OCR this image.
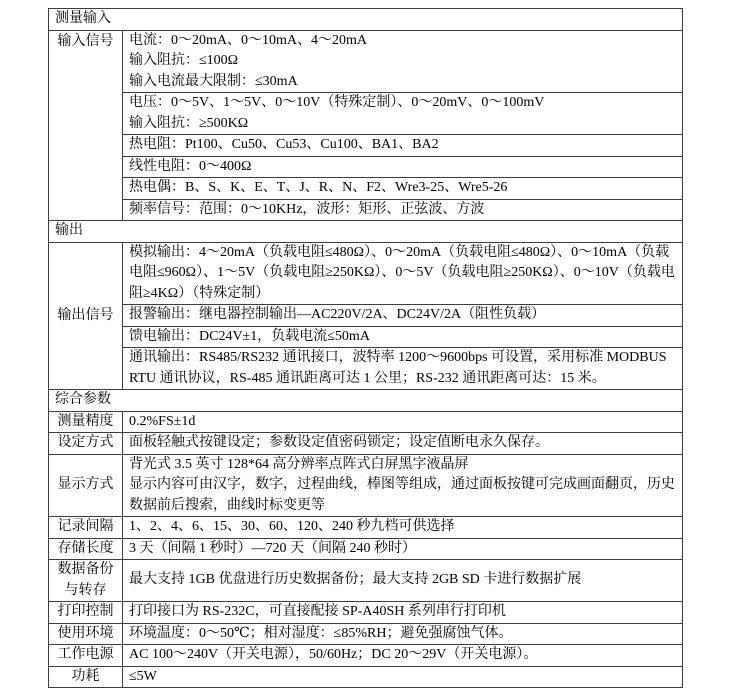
测量输入	
输入信号	电流：0～20mA、0～10mA、4～20mA
输入阻抗：≤100Ω
输入电流最大限制：≤30mA

	电压：0～5V、1～5V、0～10V（特殊定制）、0～20mV、0～100mV
输入阻抗：≥500KΩ

	热电阻：Pt100、Cu50、Cu53、Cu100、BA1、BA2
	线性电阻：0～400Ω
	热电偶：B、S、K、E、T、J、R、N、F2、Wre3-25、Wre5-26
	频率信号：范围：0～10KHz，波形：矩形、正弦波、方波
输出	
输出信号	模拟输出：4～20mA（负载电阻≤480Ω）、0～20mA（负载电阻≤480Ω）、0～10mA（负载电阻≤960Ω）、1～5V（负载电阻≥250KΩ）、0～5V（负载电阻≥250KΩ）、0～10V（负载电阻≥4KΩ）（特殊定制）
	报警输出：继电器控制输出—AC220V/2A、DC24V/2A（阻性负载）
	馈电输出：DC24V±1，负载电流≤50mA
	通讯输出：RS485/RS232 通讯接口，波特率 1200～9600bps 可设置，采用标准 MODBUS RTU 通讯协议，RS-485 通讯距离可达 1 公里；RS-232 通讯距离可达：15 米。
综合参数	
测量精度	0.2%FS±1d
设定方式	面板轻触式按键设定；参数设定值密码锁定；设定值断电永久保存。
显示方式	背光式 3.5 英寸 128*64 高分辨率点阵式白屏黑字液晶屏
显示内容可由汉字，数字，过程曲线，棒图等组成，通过面板按键可完成画面翻页，历史数据前后搜索，曲线时标变更等

记录间隔	1、2、4、6、15、30、60、120、240 秒九档可供选择
存储长度	3 天（间隔 1 秒时）—720 天（间隔 240 秒时）

数据备份
与转存	最大支持 1GB 优盘进行历史数据备份；最大支持 2GB SD 卡进行数据扩展
打印控制	打印接口为 RS-232C，可直接配接 SP-A40SH 系列串行打印机
使用环境	环境温度：0～50℃；相对湿度：≤85%RH；避免强腐蚀气体。
工作电源	AC 100～240V（开关电源），50/60Hz；DC 20～29V（开关电源）。
功耗	≤5W
